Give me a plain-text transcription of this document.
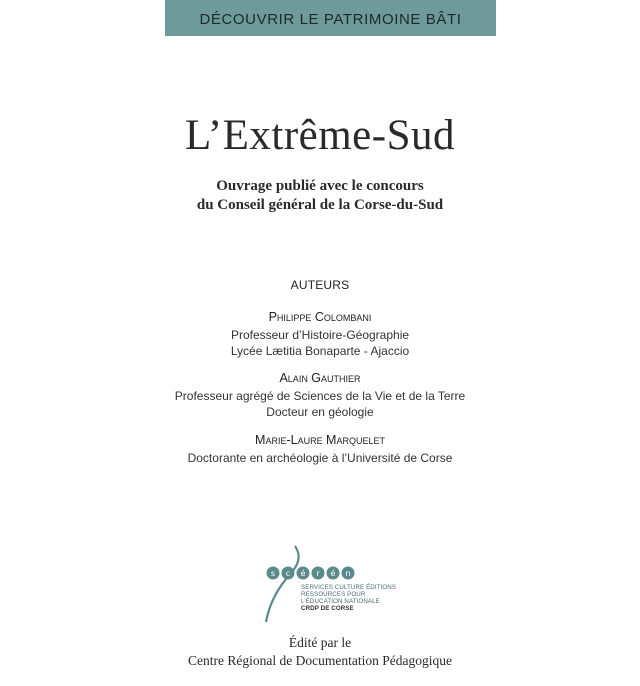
DÉCOUVRIR LE PATRIMOINE BÂTI
L’Extrême-Sud
Ouvrage publié avec le concours
du Conseil général de la Corse-du-Sud
AUTEURS
Philippe Colombani
Professeur d’Histoire-Géographie
Lycée Lætitia Bonaparte - Ajaccio
Alain Gauthier
Professeur agrégé de Sciences de la Vie et de la Terre
Docteur en géologie
Marie-Laure Marquelet
Doctorante en archéologie à l’Université de Corse
s c é r é n
SERVICES CULTURE ÉDITIONS
RESSOURCES POUR
L’ÉDUCATION NATIONALE
CRDP DE CORSE
Édité par le
Centre Régional de Documentation Pédagogique
